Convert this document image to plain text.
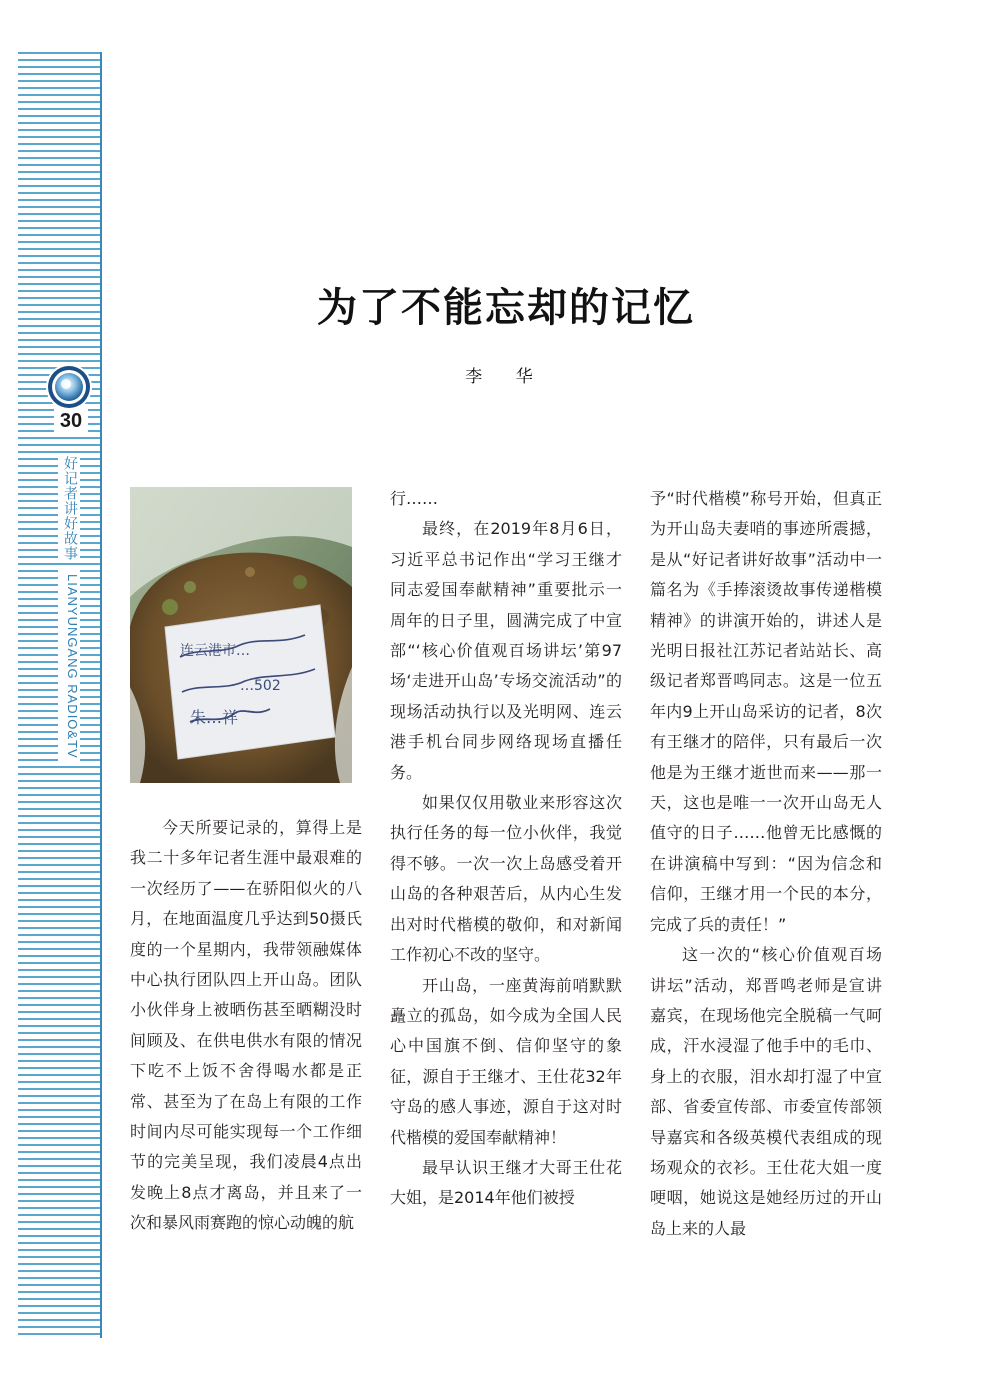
30
好记者讲好故事
LIANYUNGANG RADIO&TV
为了不能忘却的记忆
李 华
连云港市…
…502
朱…祥

今天所要记录的，算得上是我二十多年记者生涯中最艰难的一次经历了——在骄阳似火的八月，在地面温度几乎达到50摄氏度的一个星期内，我带领融媒体中心执行团队四上开山岛。团队小伙伴身上被晒伤甚至晒糊没时间顾及、在供电供水有限的情况下吃不上饭不舍得喝水都是正常、甚至为了在岛上有限的工作时间内尽可能实现每一个工作细节的完美呈现，我们凌晨4点出发晚上8点才离岛，并且来了一次和暴风雨赛跑的惊心动魄的航

行……

最终，在2019年8月6日，习近平总书记作出“学习王继才同志爱国奉献精神”重要批示一周年的日子里，圆满完成了中宣部“‘核心价值观百场讲坛’第97场‘走进开山岛’专场交流活动”的现场活动执行以及光明网、连云港手机台同步网络现场直播任务。

如果仅仅用敬业来形容这次执行任务的每一位小伙伴，我觉得不够。一次一次上岛感受着开山岛的各种艰苦后，从内心生发出对时代楷模的敬仰，和对新闻工作初心不改的坚守。

开山岛，一座黄海前哨默默矗立的孤岛，如今成为全国人民心中国旗不倒、信仰坚守的象征，源自于王继才、王仕花32年守岛的感人事迹，源自于这对时代楷模的爱国奉献精神！

最早认识王继才大哥王仕花大姐，是2014年他们被授

予“时代楷模”称号开始，但真正为开山岛夫妻哨的事迹所震撼，是从“好记者讲好故事”活动中一篇名为《手捧滚烫故事传递楷模精神》的讲演开始的，讲述人是光明日报社江苏记者站站长、高级记者郑晋鸣同志。这是一位五年内9上开山岛采访的记者，8次有王继才的陪伴，只有最后一次他是为王继才逝世而来——那一天，这也是唯一一次开山岛无人值守的日子……他曾无比感慨的在讲演稿中写到：“因为信念和信仰，王继才用一个民的本分，完成了兵的责任！”

这一次的“核心价值观百场讲坛”活动，郑晋鸣老师是宣讲嘉宾，在现场他完全脱稿一气呵成，汗水浸湿了他手中的毛巾、身上的衣服，泪水却打湿了中宣部、省委宣传部、市委宣传部领导嘉宾和各级英模代表组成的现场观众的衣衫。王仕花大姐一度哽咽，她说这是她经历过的开山岛上来的人最
